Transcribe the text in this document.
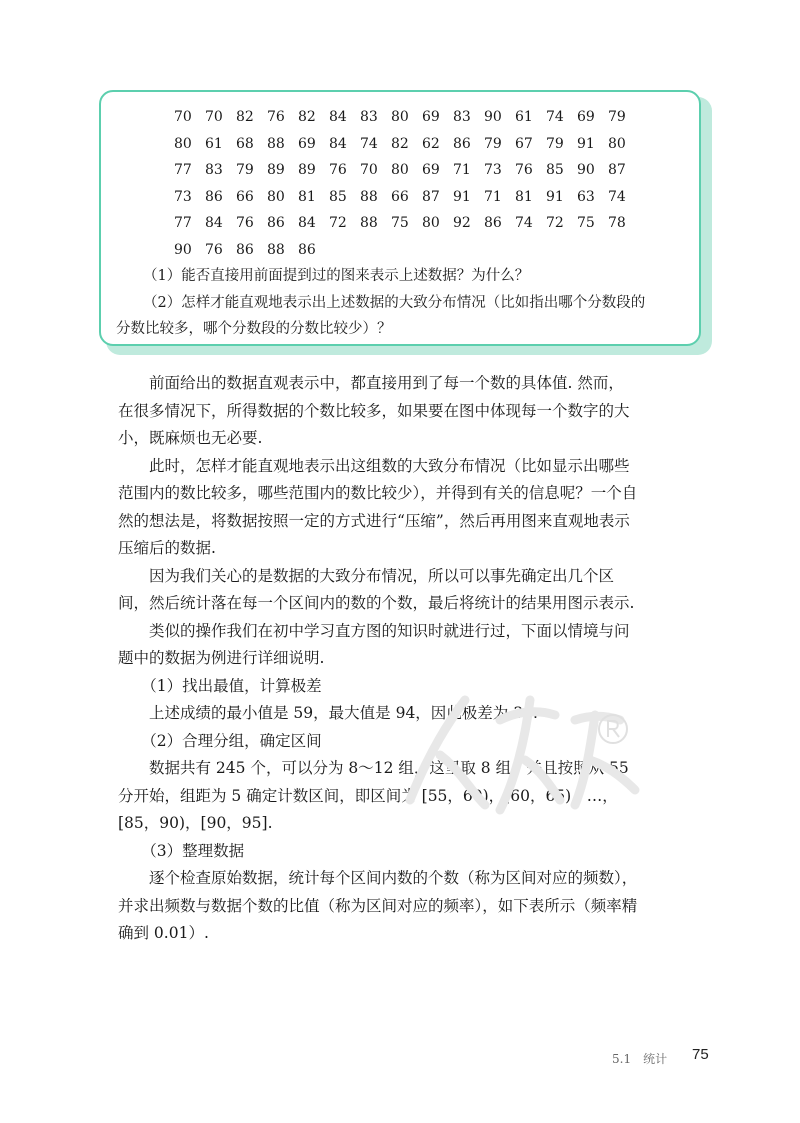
70 70 82 76 82 84 83 80 69 83 90 61 74 69 79
80 61 68 88 69 84 74 82 62 86 79 67 79 91 80
77 83 79 89 89 76 70 80 69 71 73 76 85 90 87
73 86 66 80 81 85 88 66 87 91 71 81 91 63 74
77 84 76 86 84 72 88 75 80 92 86 74 72 75 78
90 76 86 88 86
（1）能否直接用前面提到过的图来表示上述数据？为什么？
（2）怎样才能直观地表示出上述数据的大致分布情况（比如指出哪个分数段的
分数比较多，哪个分数段的分数比较少）？

　　前面给出的数据直观表示中，都直接用到了每一个数的具体值. 然而，在很多情况下，所得数据的个数比较多，如果要在图中体现每一个数字的大小，既麻烦也无必要.

　　此时，怎样才能直观地表示出这组数的大致分布情况（比如显示出哪些范围内的数比较多，哪些范围内的数比较少），并得到有关的信息呢？一个自然的想法是，将数据按照一定的方式进行“压缩”，然后再用图来直观地表示压缩后的数据.

　　因为我们关心的是数据的大致分布情况，所以可以事先确定出几个区间，然后统计落在每一个区间内的数的个数，最后将统计的结果用图示表示.

　　类似的操作我们在初中学习直方图的知识时就进行过，下面以情境与问题中的数据为例进行详细说明.

　　（1）找出最值，计算极差

　　上述成绩的最小值是 59，最大值是 94，因此极差为 35.

　　（2）合理分组，确定区间

　　数据共有 245 个，可以分为 8～12 组，这里取 8 组，并且按照从 55 分开始，组距为 5 确定计数区间，即区间为 [55，60)，[60，65)，…，[85，90)，[90，95].

　　（3）整理数据

　　逐个检查原始数据，统计每个区间内数的个数（称为区间对应的频数），并求出频数与数据个数的比值（称为区间对应的频率），如下表所示（频率精确到 0.01）.

5.1　统计 75
